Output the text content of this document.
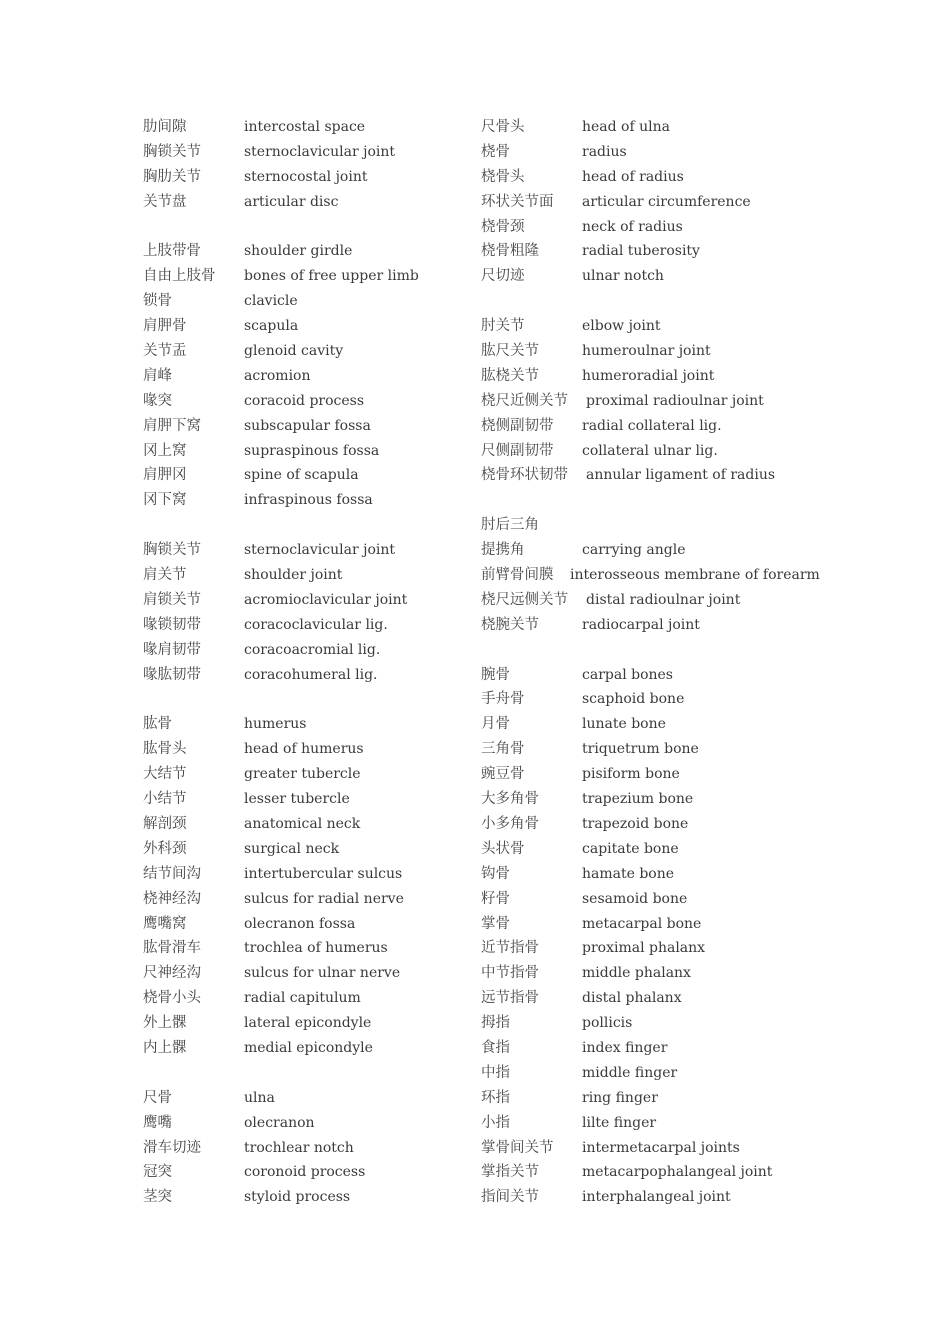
肋间隙	intercostal space
胸锁关节	sternoclavicular joint
胸肋关节	sternocostal joint
关节盘	articular disc
上肢带骨	shoulder girdle
自由上肢骨 bones of free upper limb
锁骨	clavicle
肩胛骨	scapula
关节盂	glenoid cavity
肩峰	acromion
喙突	coracoid process
肩胛下窝	subscapular fossa
冈上窝	supraspinous fossa
肩胛冈	spine of scapula
冈下窝	infraspinous fossa
胸锁关节	sternoclavicular joint
肩关节	shoulder joint
肩锁关节	acromioclavicular joint
喙锁韧带	coracoclavicular lig.
喙肩韧带	coracoacromial lig.
喙肱韧带	coracohumeral lig.
肱骨	humerus
肱骨头	head of humerus
大结节	greater tubercle
小结节	lesser tubercle
解剖颈	anatomical neck
外科颈	surgical neck
结节间沟	intertubercular sulcus
桡神经沟	sulcus for radial nerve
鹰嘴窝	olecranon fossa
肱骨滑车	trochlea of humerus
尺神经沟	sulcus for ulnar nerve
桡骨小头	radial capitulum
外上髁	lateral epicondyle
内上髁	medial epicondyle
尺骨	ulna
鹰嘴	olecranon
滑车切迹	trochlear notch
冠突	coronoid process
茎突	styloid process
尺骨头	head of ulna
桡骨	radius
桡骨头	head of radius
环状关节面 articular circumference
桡骨颈	neck of radius
桡骨粗隆	radial tuberosity
尺切迹	ulnar notch
肘关节	elbow joint
肱尺关节	humeroulnar joint
肱桡关节	humeroradial joint
桡尺近侧关节 proximal radioulnar joint
桡侧副韧带 radial collateral lig.
尺侧副韧带 collateral ulnar lig.
桡骨环状韧带 annular ligament of radius
肘后三角
提携角	carrying angle
前臂骨间膜 interosseous membrane of forearm
桡尺远侧关节 distal radioulnar joint
桡腕关节	radiocarpal joint
腕骨	carpal bones
手舟骨	scaphoid bone
月骨	lunate bone
三角骨	triquetrum bone
豌豆骨	pisiform bone
大多角骨	trapezium bone
小多角骨	trapezoid bone
头状骨	capitate bone
钩骨	hamate bone
籽骨	sesamoid bone
掌骨	metacarpal bone
近节指骨	proximal phalanx
中节指骨	middle phalanx
远节指骨	distal phalanx
拇指	pollicis
食指	index finger
中指	middle finger
环指	ring finger
小指	lilte finger
掌骨间关节 intermetacarpal joints
掌指关节	metacarpophalangeal joint
指间关节	interphalangeal joint
